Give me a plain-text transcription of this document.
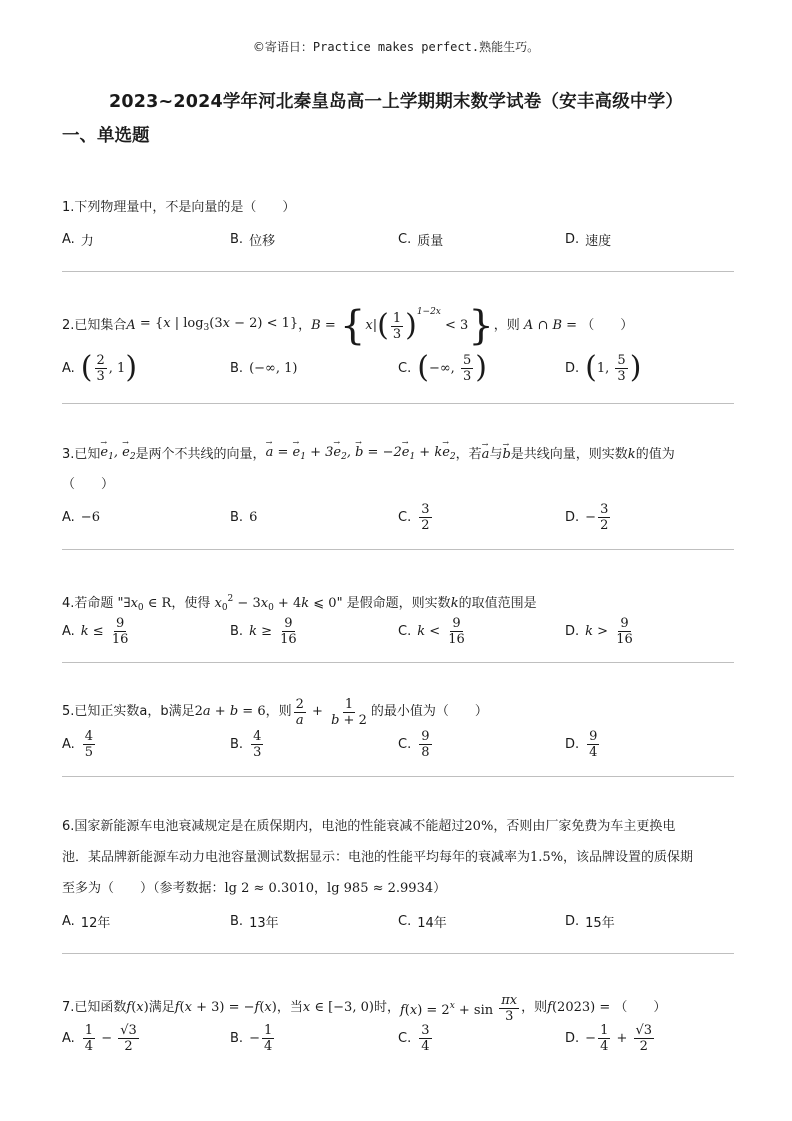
©寄语日：Practice makes perfect.熟能生巧。
2023~2024学年河北秦皇岛高一上学期期末数学试卷（安丰高级中学）
一、单选题
1.下列物理量中，不是向量的是（　　）
A. 力	B. 位移	C. 质量	D. 速度
2.已知集合 A = {x | $\log_3(3x - 2) < 1$} ， B = { x | ( $\frac{1}{3}$ ) 1−2x
< 3 } ，则 A ∩ B = （　　）
A. ( $\frac{2}{3}$ , 1 )	B. (−∞, 1)	C. ( −∞, $\frac{5}{3}$ )	D. ( 1, $\frac{5}{3}$ )
3.已知 → $e_1$, → $e_2$ 是两个不共线的向量， → a = → $e_1 + 3\to e_2$, → $b = -2\to e_1 + k\to e_2$ ，若 → a 与 → b 是共线向量，则实数 k 的值为
（　　）
A. −6	B. 6	C. $\frac{3}{2}$	D. − $\frac{3}{2}$
4.若命题 " $\exists x_0$ ∈ R，使得 $x_0^2 - 3x_0 + 4k$ ⩽ 0 " 是假命题，则实数 k 的取值范围是
A. $k \le \frac{9}{16}$	B. $k \ge \frac{9}{16}$	C. $k < \frac{9}{16}$	D. $k > \frac{9}{16}$
5.已知正实数a，b满足 2a + b = 6 ，则 $\frac{2}{a} + \frac{1}{b + 2}$ 的最小值为（　　）
A. $\frac{4}{5}$	B. $\frac{4}{3}$	C. $\frac{9}{8}$	D. $\frac{9}{4}$
6.国家新能源车电池衰减规定是在质保期内，电池的性能衰减不能超过 20% ，否则由厂家免费为车主更换电
池．某品牌新能源车动力电池容量测试数据显示：电池的性能平均每年的衰减率为 1.5% ，该品牌设置的质保期
至多为（　　）（参考数据： lg 2 ≈ 0.3010，lg 985 ≈ 2.9934 ）
A. 12年	B. 13年	C. 14年	D. 15年
7.已知函数 f(x) 满足 f(x + 3) = −f(x) ，当 x ∈ [−3, 0) 时， $f(x) = 2^x + \sin \frac{\pi x}{3}$ ，则 f(2023) = （　　）
A. $\frac{1}{4} - \frac{√3}{2}$	B. − $\frac{1}{4}$	C. $\frac{3}{4}$	D. − $\frac{1}{4} + \frac{√3}{2}$
